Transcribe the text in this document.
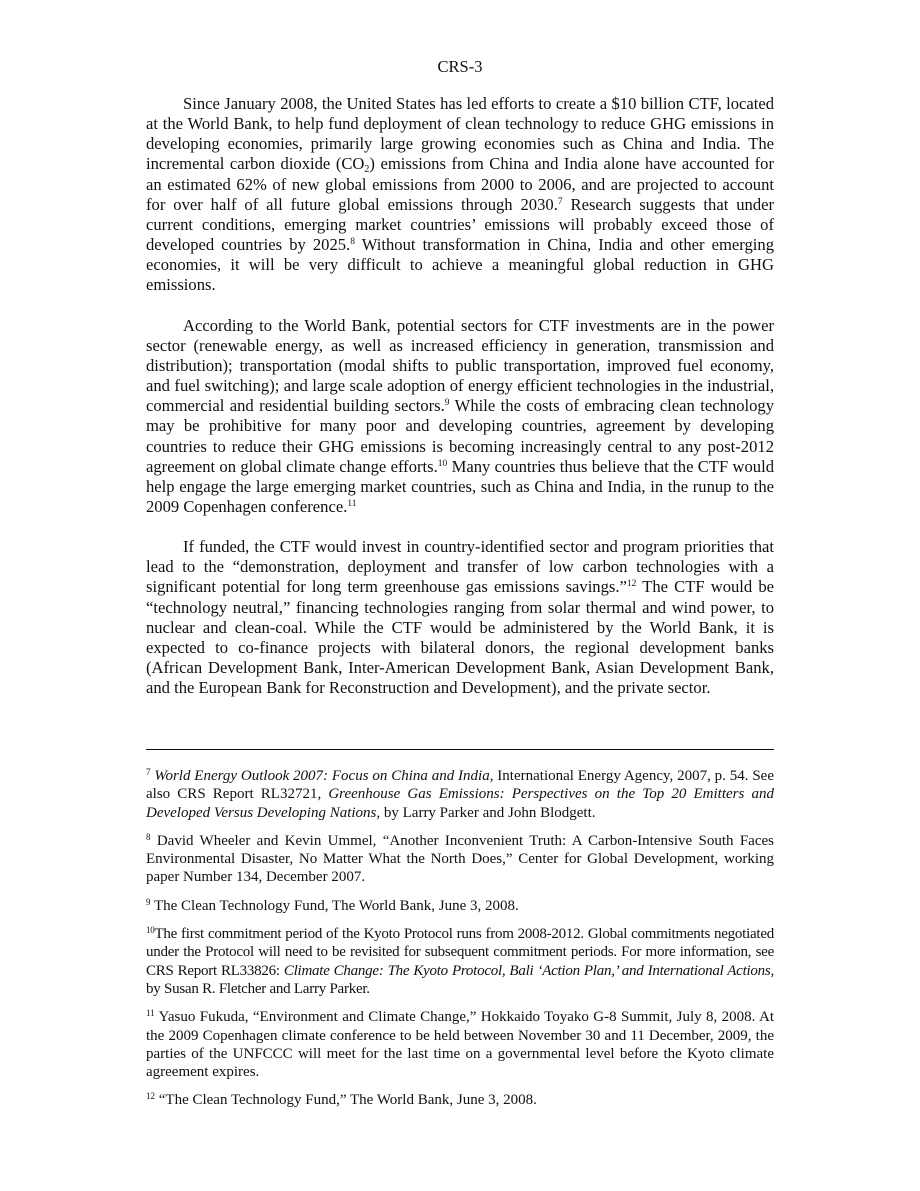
CRS-3

Since January 2008, the United States has led efforts to create a $10 billion CTF, located at the World Bank, to help fund deployment of clean technology to reduce GHG emissions in developing economies, primarily large growing economies such as China and India. The incremental carbon dioxide $(CO_2)$ emissions from China and India alone have accounted for an estimated 62% of new global emissions from 2000 to 2006, and are projected to account for over half of all future global emissions through 2030.$^7$ Research suggests that under current conditions, emerging market countries’ emissions will probably exceed those of developed countries by 2025.$^8$ Without transformation in China, India and other emerging economies, it will be very difficult to achieve a meaningful global reduction in GHG emissions.

According to the World Bank, potential sectors for CTF investments are in the power sector (renewable energy, as well as increased efficiency in generation, transmission and distribution); transportation (modal shifts to public transportation, improved fuel economy, and fuel switching); and large scale adoption of energy efficient technologies in the industrial, commercial and residential building sectors.$^9$ While the costs of embracing clean technology may be prohibitive for many poor and developing countries, agreement by developing countries to reduce their GHG emissions is becoming increasingly central to any post-2012 agreement on global climate change efforts.$^{10}$ Many countries thus believe that the CTF would help engage the large emerging market countries, such as China and India, in the runup to the 2009 Copenhagen conference.$^{11}$

If funded, the CTF would invest in country-identified sector and program priorities that lead to the “demonstration, deployment and transfer of low carbon technologies with a significant potential for long term greenhouse gas emissions savings.”$^{12}$ The CTF would be “technology neutral,” financing technologies ranging from solar thermal and wind power, to nuclear and clean-coal. While the CTF would be administered by the World Bank, it is expected to co-finance projects with bilateral donors, the regional development banks (African Development Bank, Inter-American Development Bank, Asian Development Bank, and the European Bank for Reconstruction and Development), and the private sector.

$^7$ World Energy Outlook 2007: Focus on China and India, International Energy Agency, 2007, p. 54. See also CRS Report RL32721, Greenhouse Gas Emissions: Perspectives on the Top 20 Emitters and Developed Versus Developing Nations, by Larry Parker and John Blodgett.

$^8$ David Wheeler and Kevin Ummel, “Another Inconvenient Truth: A Carbon-Intensive South Faces Environmental Disaster, No Matter What the North Does,” Center for Global Development, working paper Number 134, December 2007.

$^9$ The Clean Technology Fund, The World Bank, June 3, 2008.

$^{10}$The first commitment period of the Kyoto Protocol runs from 2008-2012. Global commitments negotiated under the Protocol will need to be revisited for subsequent commitment periods. For more information, see CRS Report RL33826: Climate Change: The Kyoto Protocol, Bali ‘Action Plan,’ and International Actions, by Susan R. Fletcher and Larry Parker.

$^{11}$ Yasuo Fukuda, “Environment and Climate Change,” Hokkaido Toyako G-8 Summit, July 8, 2008. At the 2009 Copenhagen climate conference to be held between November 30 and 11 December, 2009, the parties of the UNFCCC will meet for the last time on a governmental level before the Kyoto climate agreement expires.

$^{12}$ “The Clean Technology Fund,” The World Bank, June 3, 2008.
